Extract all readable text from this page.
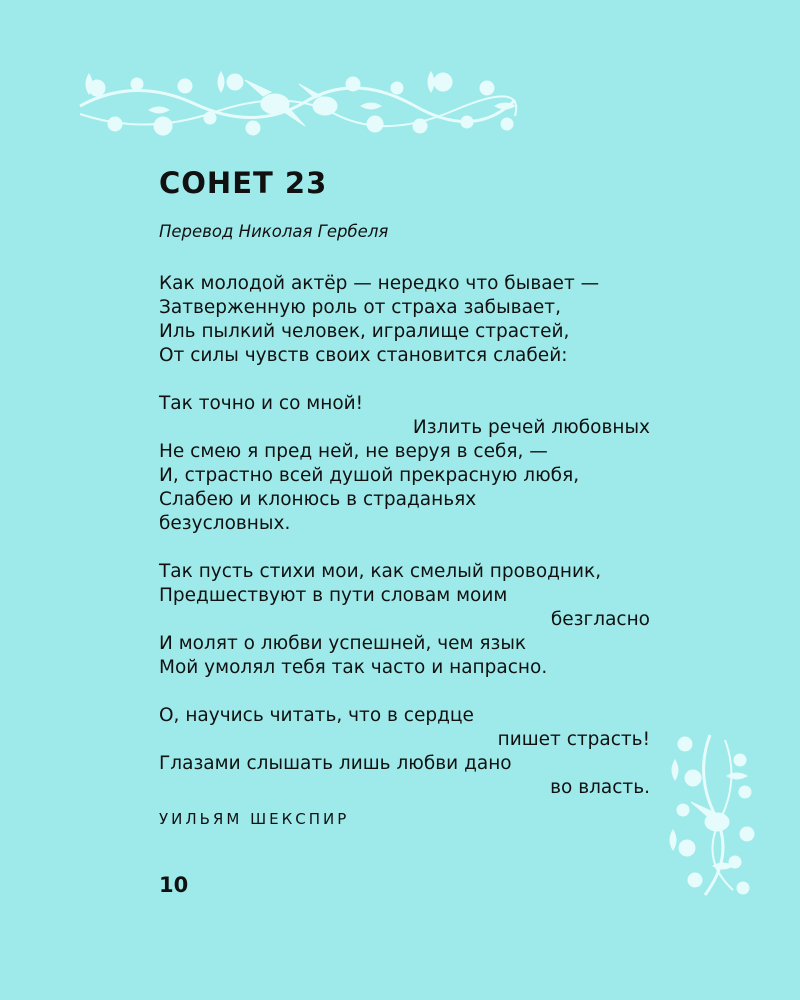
СОНЕТ 23
Перевод Николая Гербеля
Как молодой актёр — нередко что бывает —
Затверженную роль от страха забывает,
Иль пылкий человек, игралище страстей,
От силы чувств своих становится слабей:
Так точно и со мной!
Излить речей любовных
Не смею я пред ней, не веруя в себя, —
И, страстно всей душой прекрасную любя,
Слабею и клонюсь в страданьях
безусловных.
Так пусть стихи мои, как смелый проводник,
Предшествуют в пути словам моим
безгласно
И молят о любви успешней, чем язык
Мой умолял тебя так часто и напрасно.
О, научись читать, что в сердце
пишет страсть!
Глазами слышать лишь любви дано
во власть.
УИЛЬЯМ ШЕКСПИР
10
